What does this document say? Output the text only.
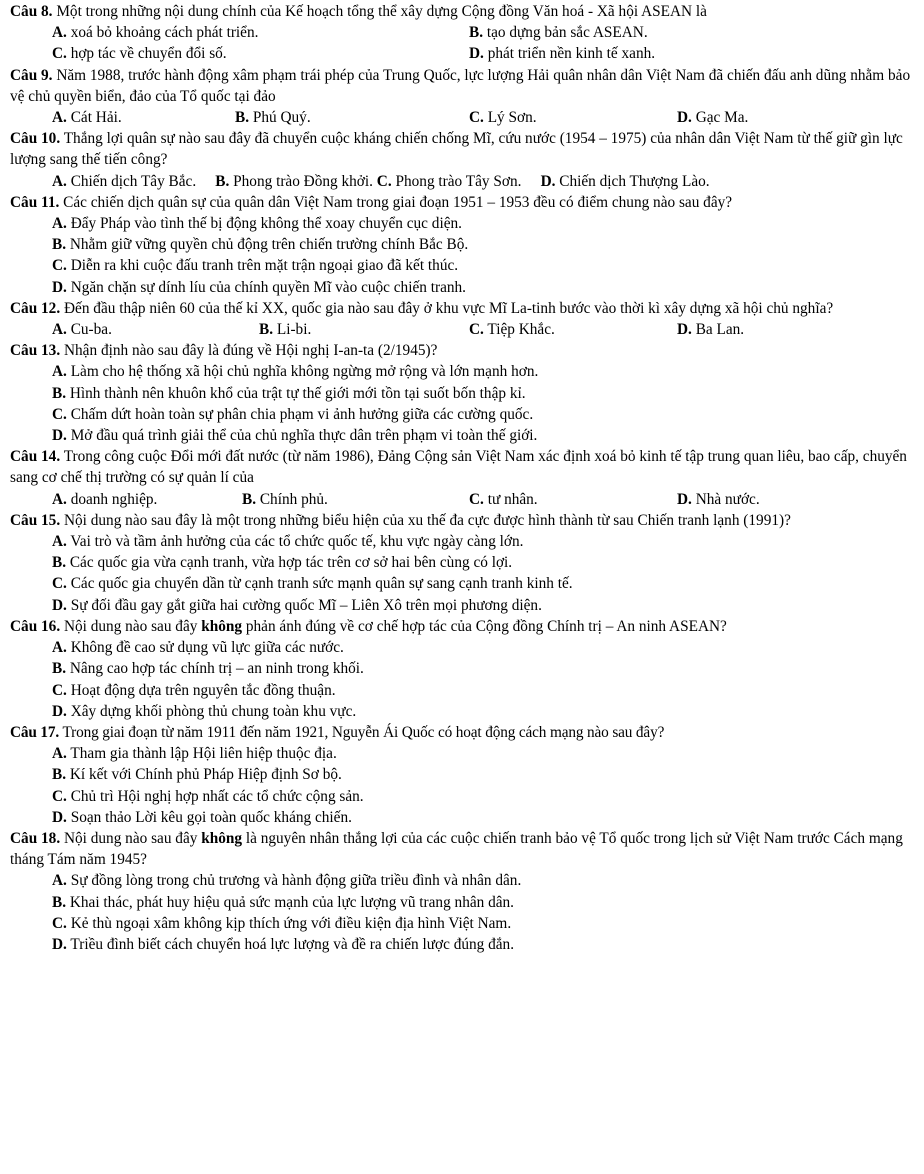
Câu 8. Một trong những nội dung chính của Kế hoạch tổng thể xây dựng Cộng đồng Văn hoá - Xã hội ASEAN là
A. xoá bỏ khoảng cách phát triển.	B. tạo dựng bản sắc ASEAN.
C. hợp tác về chuyển đổi số.	D. phát triển nền kinh tế xanh.
Câu 9. Năm 1988, trước hành động xâm phạm trái phép của Trung Quốc, lực lượng Hải quân nhân dân Việt Nam đã chiến đấu anh dũng nhằm bảo vệ chủ quyền biển, đảo của Tổ quốc tại đảo
A. Cát Hải.	B. Phú Quý.	C. Lý Sơn.	D. Gạc Ma.
Câu 10. Thắng lợi quân sự nào sau đây đã chuyển cuộc kháng chiến chống Mĩ, cứu nước (1954 – 1975) của nhân dân Việt Nam từ thế giữ gìn lực lượng sang thế tiến công?
A. Chiến dịch Tây Bắc. B. Phong trào Đồng khởi. C. Phong trào Tây Sơn. D. Chiến dịch Thượng Lào.
Câu 11. Các chiến dịch quân sự của quân dân Việt Nam trong giai đoạn 1951 – 1953 đều có điểm chung nào sau đây?
A. Đẩy Pháp vào tình thế bị động không thể xoay chuyển cục diện.
B. Nhằm giữ vững quyền chủ động trên chiến trường chính Bắc Bộ.
C. Diễn ra khi cuộc đấu tranh trên mặt trận ngoại giao đã kết thúc.
D. Ngăn chặn sự dính líu của chính quyền Mĩ vào cuộc chiến tranh.
Câu 12. Đến đầu thập niên 60 của thế kỉ XX, quốc gia nào sau đây ở khu vực Mĩ La-tinh bước vào thời kì xây dựng xã hội chủ nghĩa?
A. Cu-ba.	B. Li-bi.	C. Tiệp Khắc.	D. Ba Lan.
Câu 13. Nhận định nào sau đây là đúng về Hội nghị I-an-ta (2/1945)?
A. Làm cho hệ thống xã hội chủ nghĩa không ngừng mở rộng và lớn mạnh hơn.
B. Hình thành nên khuôn khổ của trật tự thế giới mới tồn tại suốt bốn thập kỉ.
C. Chấm dứt hoàn toàn sự phân chia phạm vi ảnh hưởng giữa các cường quốc.
D. Mở đầu quá trình giải thể của chủ nghĩa thực dân trên phạm vi toàn thế giới.
Câu 14. Trong công cuộc Đổi mới đất nước (từ năm 1986), Đảng Cộng sản Việt Nam xác định xoá bỏ kinh tế tập trung quan liêu, bao cấp, chuyển sang cơ chế thị trường có sự quản lí của
A. doanh nghiệp.	B. Chính phủ.	C. tư nhân.	D. Nhà nước.
Câu 15. Nội dung nào sau đây là một trong những biểu hiện của xu thế đa cực được hình thành từ sau Chiến tranh lạnh (1991)?
A. Vai trò và tầm ảnh hưởng của các tổ chức quốc tế, khu vực ngày càng lớn.
B. Các quốc gia vừa cạnh tranh, vừa hợp tác trên cơ sở hai bên cùng có lợi.
C. Các quốc gia chuyển dần từ cạnh tranh sức mạnh quân sự sang cạnh tranh kinh tế.
D. Sự đối đầu gay gắt giữa hai cường quốc Mĩ – Liên Xô trên mọi phương diện.
Câu 16. Nội dung nào sau đây không phản ánh đúng về cơ chế hợp tác của Cộng đồng Chính trị – An ninh ASEAN?
A. Không đề cao sử dụng vũ lực giữa các nước.
B. Nâng cao hợp tác chính trị – an ninh trong khối.
C. Hoạt động dựa trên nguyên tắc đồng thuận.
D. Xây dựng khối phòng thủ chung toàn khu vực.
Câu 17. Trong giai đoạn từ năm 1911 đến năm 1921, Nguyễn Ái Quốc có hoạt động cách mạng nào sau đây?
A. Tham gia thành lập Hội liên hiệp thuộc địa.
B. Kí kết với Chính phủ Pháp Hiệp định Sơ bộ.
C. Chủ trì Hội nghị hợp nhất các tổ chức cộng sản.
D. Soạn thảo Lời kêu gọi toàn quốc kháng chiến.
Câu 18. Nội dung nào sau đây không là nguyên nhân thắng lợi của các cuộc chiến tranh bảo vệ Tổ quốc trong lịch sử Việt Nam trước Cách mạng tháng Tám năm 1945?
A. Sự đồng lòng trong chủ trương và hành động giữa triều đình và nhân dân.
B. Khai thác, phát huy hiệu quả sức mạnh của lực lượng vũ trang nhân dân.
C. Kẻ thù ngoại xâm không kịp thích ứng với điều kiện địa hình Việt Nam.
D. Triều đình biết cách chuyển hoá lực lượng và đề ra chiến lược đúng đắn.
